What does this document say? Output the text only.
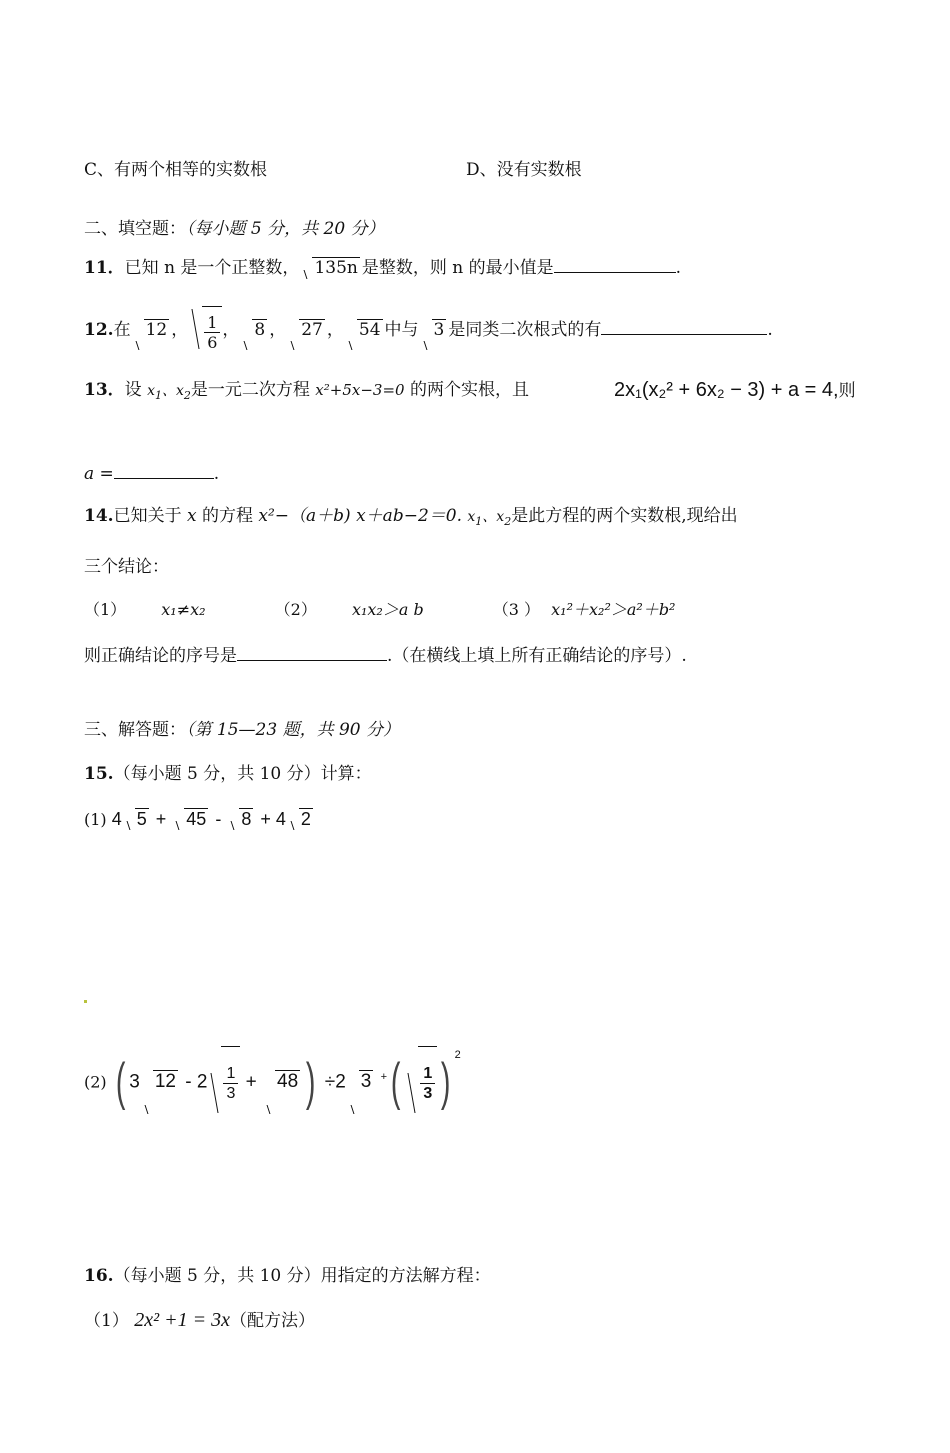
C、有两个相等的实数根	D、没有实数根
二、填空题：（每小题 5 分，共 20 分）
11．已知 n 是一个正整数， 135n 是整数，则 n 的最小值是	.
12.在 12 ， $\frac{1}{6}$ ， 8 ， 27 ， 54 中与 3 是同类二次根式的有	.
13．设 $x_1$、$x_2$是一元二次方程 x²+5x−3=0 的两个实根，且	2x₁(x₂² + 6x₂ − 3) + a = 4,则
a =	.
14.已知关于 x 的方程 x²−（a＋b) x＋ab−2＝0. $x_1$、$x_2$是此方程的两个实数根,现给出
三个结论：
（1） x₁≠x₂	（2） x₁x₂＞a b	（3 ） x₁²＋x₂²＞a²＋b²
则正确结论的序号是	.（在横线上填上所有正确结论的序号）.
三、解答题：（第 15—23 题，共 90 分）
15.（每小题 5 分，共 10 分）计算：
(1) 4 5 + 45 - 8 + 4 2
(2) ( 3 $12 - 2 \frac{1}{3} + 48$ ) ÷2 3 $^+( \frac{1}{3}$ ) $^2$
16.（每小题 5 分，共 10 分）用指定的方法解方程：
（1） 2x² +1 = 3x（配方法）
